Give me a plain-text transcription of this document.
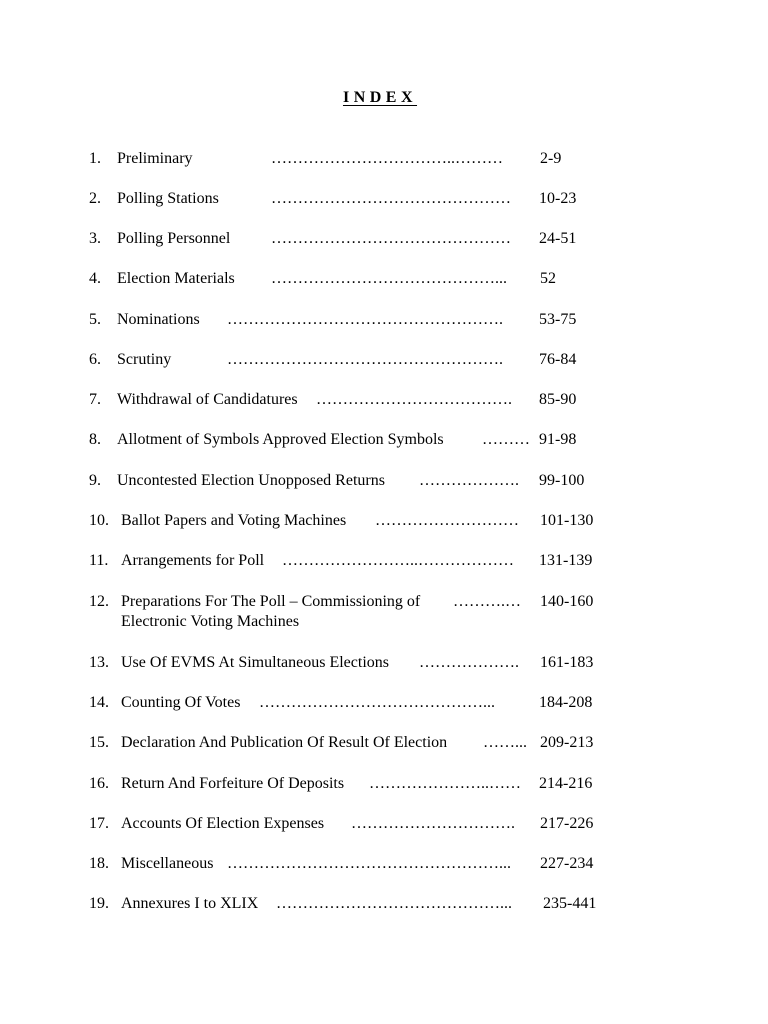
INDEX
1. Preliminary	……………………………..……… 2-9
2. Polling Stations	……………………………………… 10-23
3. Polling Personnel	……………………………………… 24-51
4. Election Materials ……………………………………... 52
5. Nominations ……………………………………………. 53-75
6. Scrutiny	……………………………………………. 76-84
7. Withdrawal of Candidatures ………………………………. 85-90
8. Allotment of Symbols Approved Election Symbols ……… 91-98
9. Uncontested Election Unopposed Returns ………………. 99-100
10. Ballot Papers and Voting Machines ……………………… 101-130
11. Arrangements for Poll ……………………..……………… 131-139
12. Preparations For The Poll – Commissioning of ……….… 140-160
Electronic Voting Machines
13. Use Of EVMS At Simultaneous Elections ………………. 161-183
14. Counting Of Votes ……………………………………...	184-208
15. Declaration And Publication Of Result Of Election ……... 209-213
16. Return And Forfeiture Of Deposits …………………..…… 214-216
17. Accounts Of Election Expenses …………………………. 217-226
18. Miscellaneous ……………………………………………... 227-234
19. Annexures I to XLIX ……………………………………... 235-441
